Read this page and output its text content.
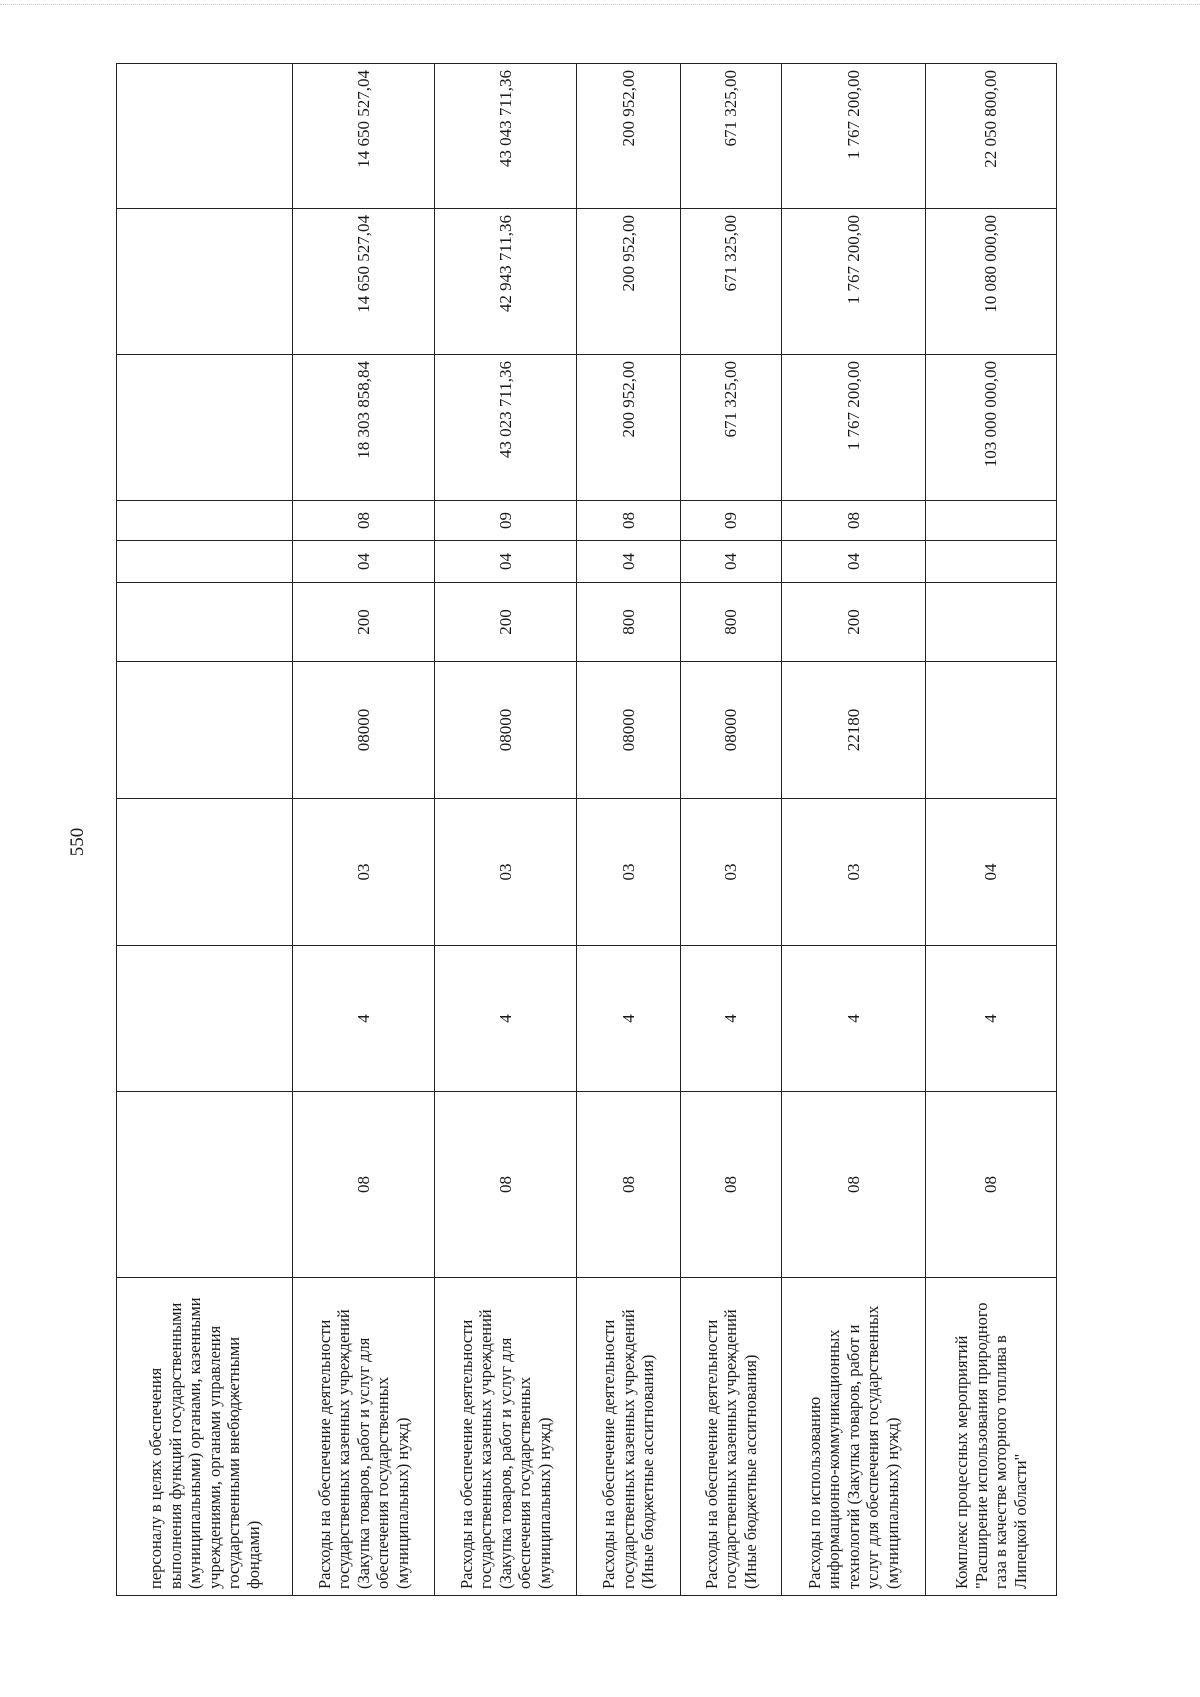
550
персоналу в целях обеспечения выполнения функций государственными (муниципальными) органами, казенными учреждениями, органами управления государственными внебюджетными фондами)										
Расходы на обеспечение деятельности государственных казенных учреждений (Закупка товаров, работ и услуг для обеспечения государственных (муниципальных) нужд)	08	4	03	08000	200	04	08	18 303 858,84	14 650 527,04	14 650 527,04
Расходы на обеспечение деятельности государственных казенных учреждений (Закупка товаров, работ и услуг для обеспечения государственных (муниципальных) нужд)	08	4	03	08000	200	04	09	43 023 711,36	42 943 711,36	43 043 711,36
Расходы на обеспечение деятельности государственных казенных учреждений (Иные бюджетные ассигнования)	08	4	03	08000	800	04	08	200 952,00	200 952,00	200 952,00
Расходы на обеспечение деятельности государственных казенных учреждений (Иные бюджетные ассигнования)	08	4	03	08000	800	04	09	671 325,00	671 325,00	671 325,00
Расходы по использованию информационно-коммуникационных технологий (Закупка товаров, работ и услуг для обеспечения государственных (муниципальных) нужд)	08	4	03	22180	200	04	08	1 767 200,00	1 767 200,00	1 767 200,00
Комплекс процессных мероприятий "Расширение использования природного газа в качестве моторного топлива в Липецкой области"	08	4	04					103 000 000,00	10 080 000,00	22 050 800,00
